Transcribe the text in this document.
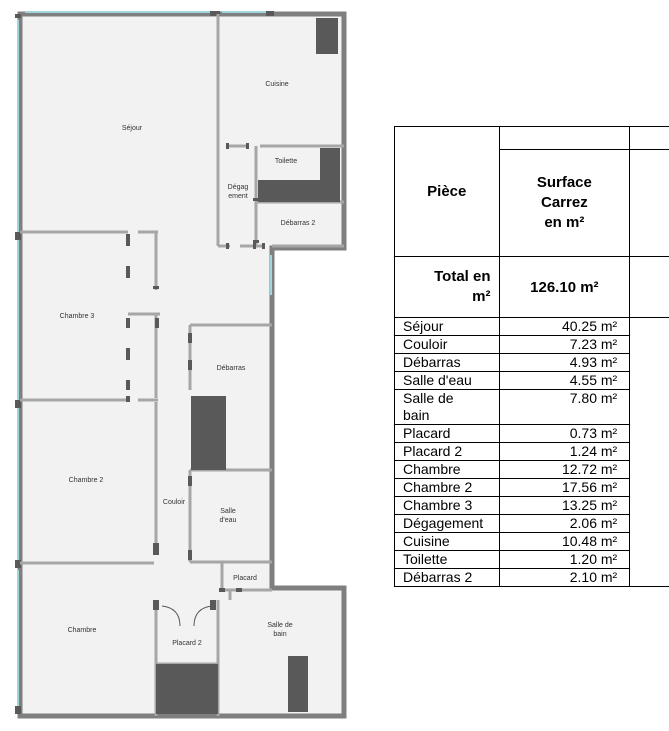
Séjour
Cuisine
Toilette
Dégag
ement
Débarras 2
Chambre 3
Débarras
Chambre 2
Couloir
Salle
d'eau
Placard
Chambre
Salle de
bain
Placard 2
Pièce		

	Surface
Carrez
en m²	

Total en
m²	126.10 m²	
Séjour	40.25 m²	
Couloir	7.23 m²	
Débarras	4.93 m²	
Salle d'eau	4.55 m²	

Salle de
bain	7.80 m²	
Placard	0.73 m²	
Placard 2	1.24 m²	
Chambre	12.72 m²	
Chambre 2	17.56 m²	
Chambre 3	13.25 m²	
Dégagement	2.06 m²	
Cuisine	10.48 m²	
Toilette	1.20 m²	
Débarras 2	2.10 m²	
